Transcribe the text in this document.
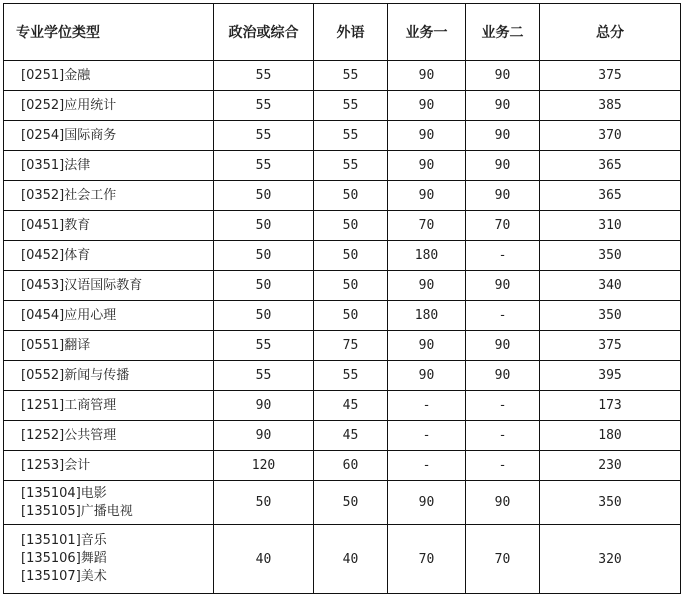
专业学位类型	政治或综合	外语	业务一	业务二	总分

[0251]金融	55	55	90	90	375

[0252]应用统计	55	55	90	90	385

[0254]国际商务	55	55	90	90	370

[0351]法律	55	55	90	90	365

[0352]社会工作	50	50	90	90	365

[0451]教育	50	50	70	70	310

[0452]体育	50	50	180	-	350

[0453]汉语国际教育	50	50	90	90	340

[0454]应用心理	50	50	180	-	350

[0551]翻译	55	75	90	90	375

[0552]新闻与传播	55	55	90	90	395

[1251]工商管理	90	45	-	-	173

[1252]公共管理	90	45	-	-	180

[1253]会计	120	60	-	-	230

[135104]电影
[135105]广播电视	50	50	90	90	350

[135101]音乐
[135106]舞蹈
[135107]美术	40	40	70	70	320
